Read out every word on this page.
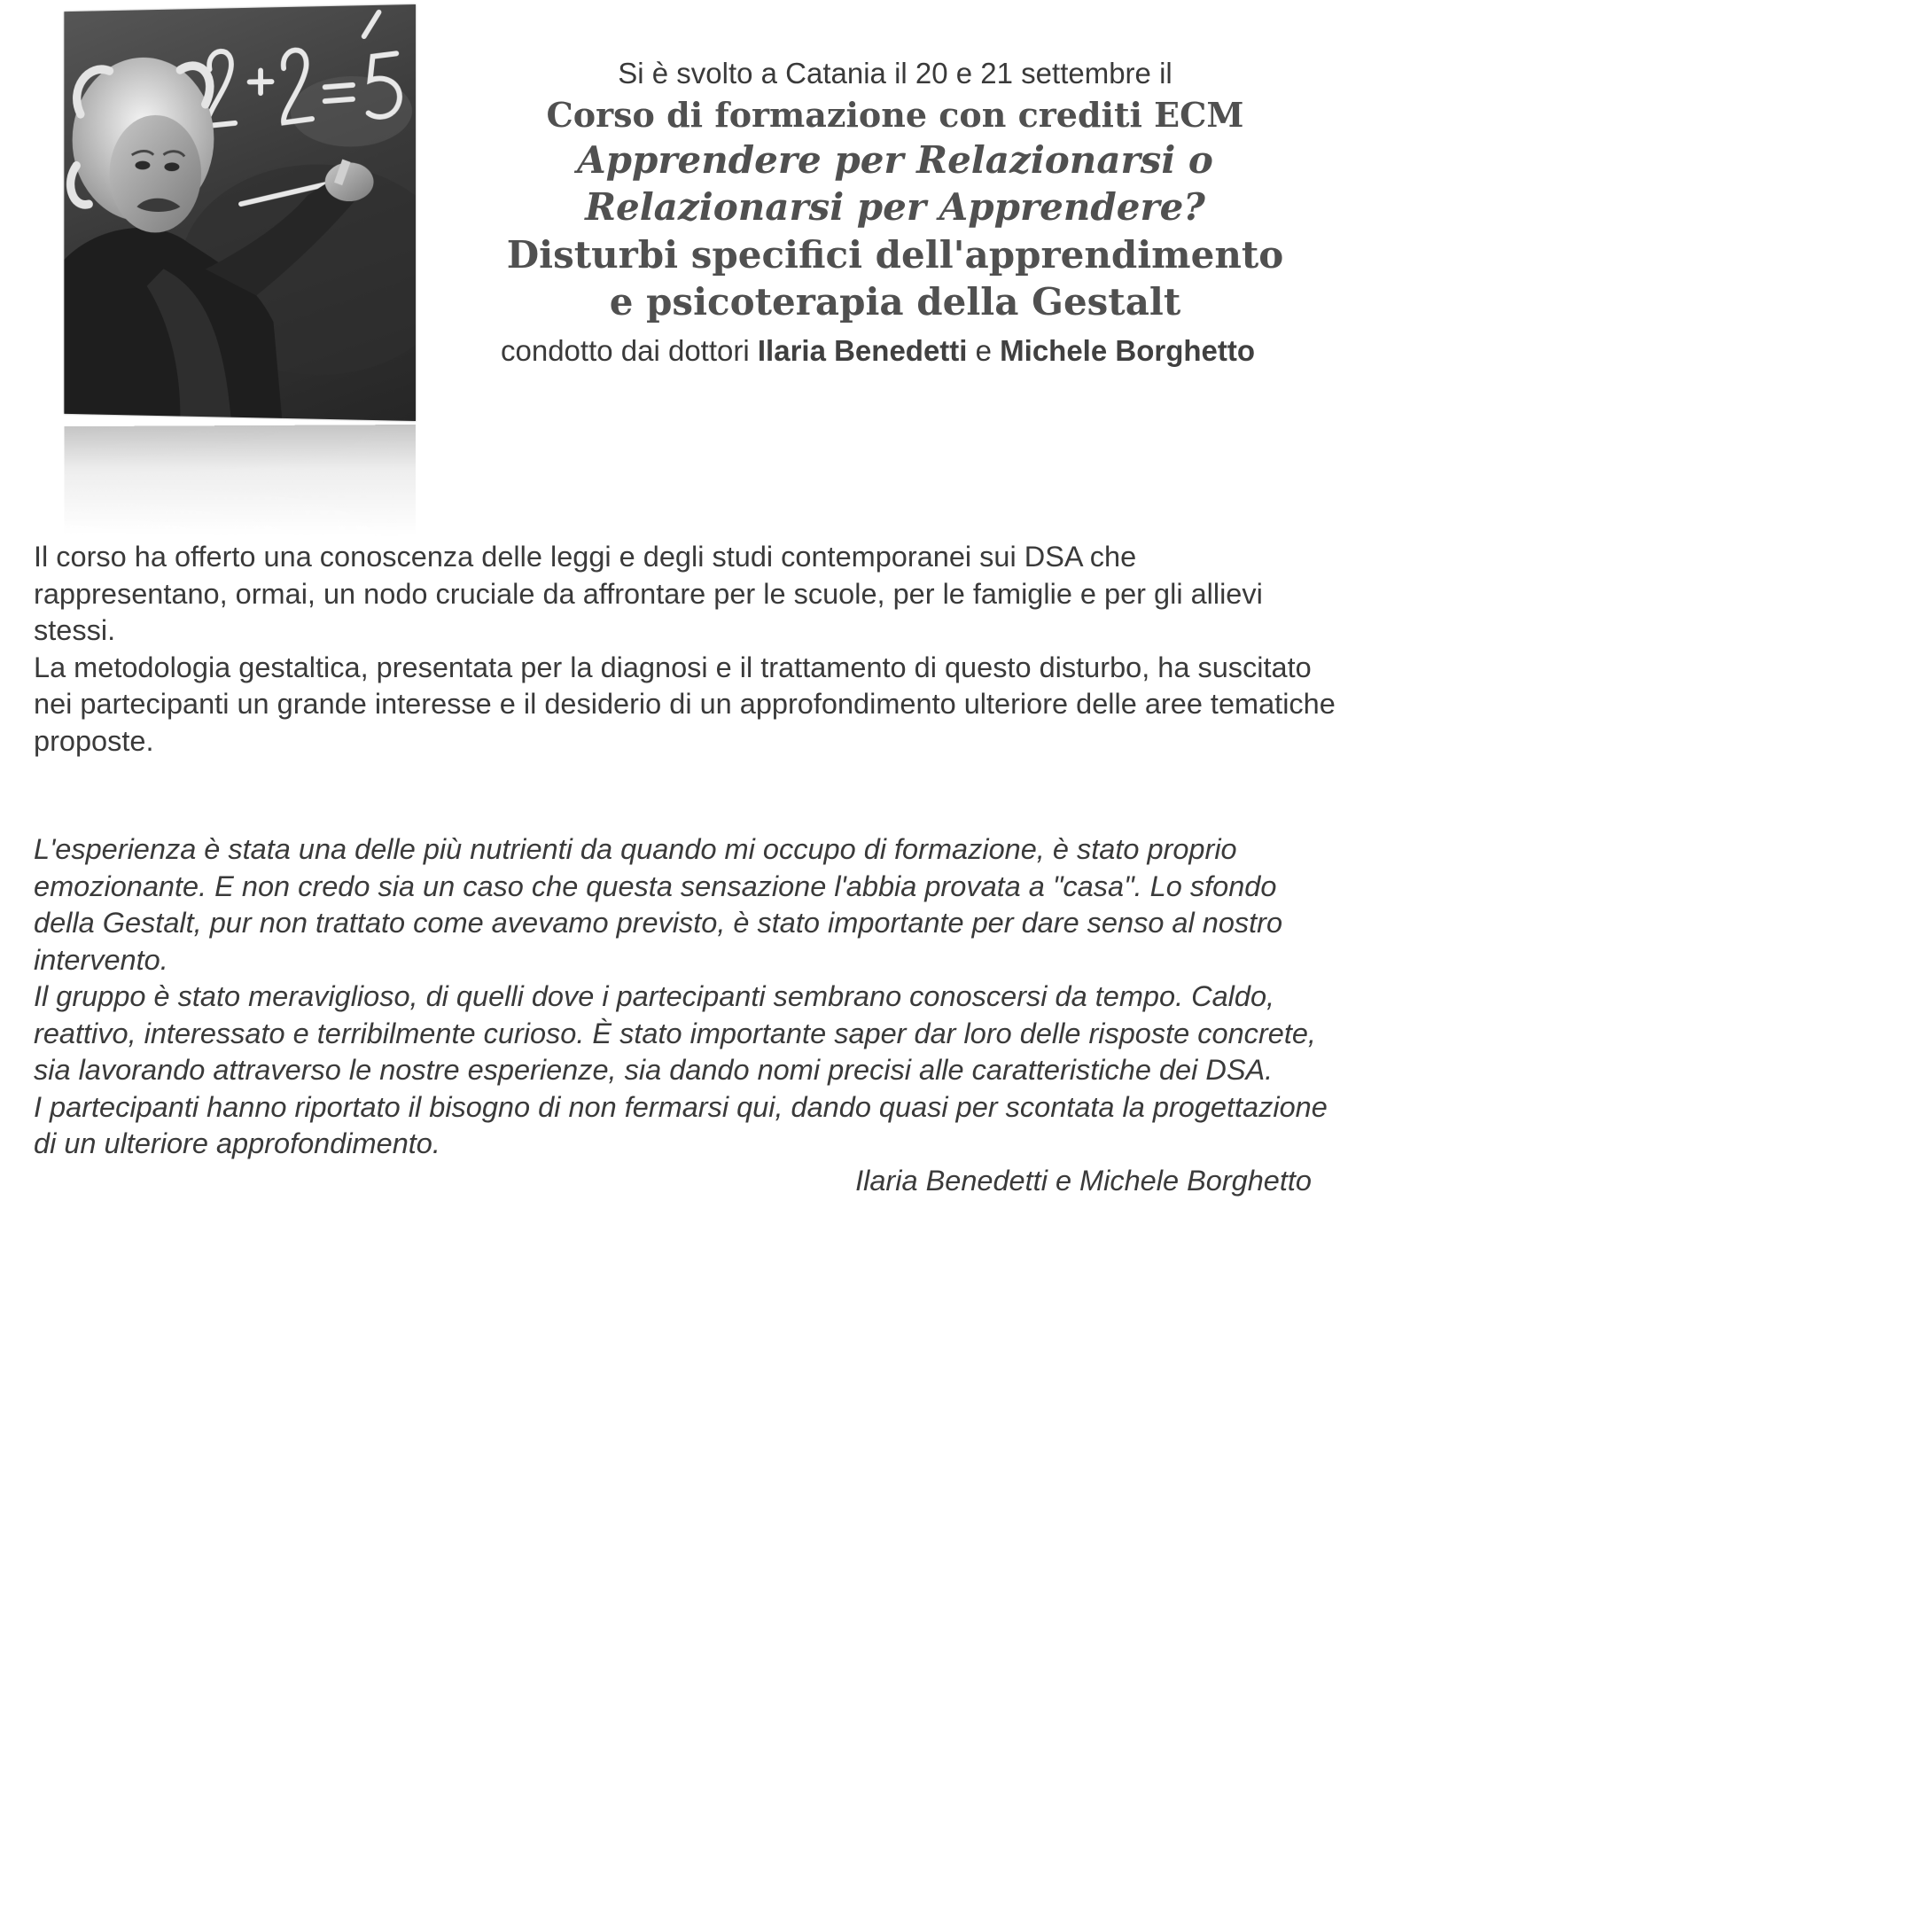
Si è svolto a Catania il 20 e 21 settembre il
Corso di formazione con crediti ECM
Apprendere per Relazionarsi o
Relazionarsi per Apprendere?
Disturbi specifici dell'apprendimento
e psicoterapia della Gestalt
condotto dai dottori Ilaria Benedetti e Michele Borghetto

Il corso ha offerto una conoscenza delle leggi e degli studi contemporanei sui DSA che rappresentano, ormai, un nodo cruciale da affrontare per le scuole, per le famiglie e per gli allievi stessi.

La metodologia gestaltica, presentata per la diagnosi e il trattamento di questo disturbo, ha suscitato nei partecipanti un grande interesse e il desiderio di un approfondimento ulteriore delle aree tematiche proposte.

L'esperienza è stata una delle più nutrienti da quando mi occupo di formazione, è stato proprio emozionante. E non credo sia un caso che questa sensazione l'abbia provata a "casa". Lo sfondo della Gestalt, pur non trattato come avevamo previsto, è stato importante per dare senso al nostro intervento.

Il gruppo è stato meraviglioso, di quelli dove i partecipanti sembrano conoscersi da tempo. Caldo, reattivo, interessato e terribilmente curioso. È stato importante saper dar loro delle risposte concrete, sia lavorando attraverso le nostre esperienze, sia dando nomi precisi alle caratteristiche dei DSA.

I partecipanti hanno riportato il bisogno di non fermarsi qui, dando quasi per scontata la progettazione di un ulteriore approfondimento.

Ilaria Benedetti e Michele Borghetto
